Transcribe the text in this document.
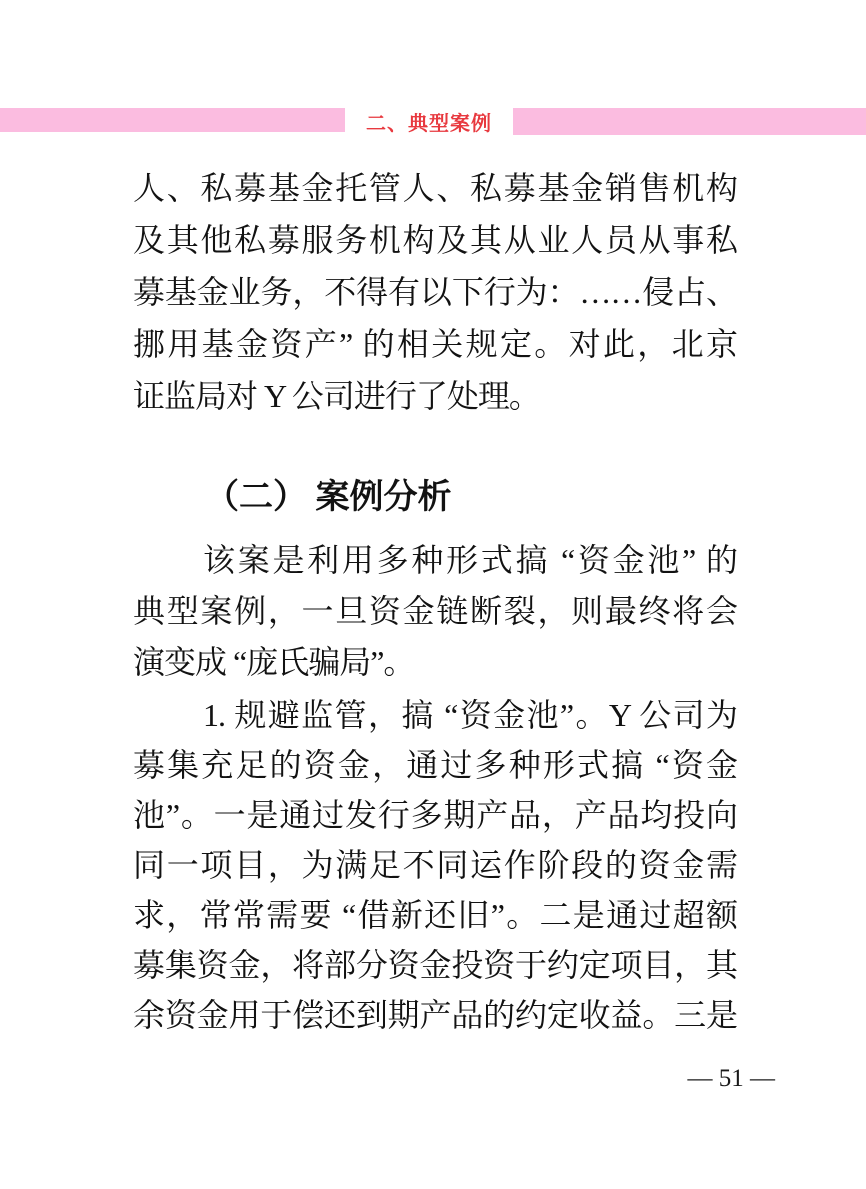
二、典型案例
人、私募基金托管人、私募基金销售机构
及其他私募服务机构及其从业人员从事私
募基金业务，不得有以下行为：……侵占、
挪用基金资产” 的相关规定。对此，北京
证监局对 Y 公司进行了处理。
（二） 案例分析
该案是利用多种形式搞 “资金池” 的
典型案例，一旦资金链断裂，则最终将会
演变成 “庞氏骗局”。
1. 规避监管，搞 “资金池”。Y 公司为
募集充足的资金，通过多种形式搞 “资金
池”。一是通过发行多期产品，产品均投向
同一项目，为满足不同运作阶段的资金需
求，常常需要 “借新还旧”。二是通过超额
募集资金，将部分资金投资于约定项目，其
余资金用于偿还到期产品的约定收益。三是
— 51 —
